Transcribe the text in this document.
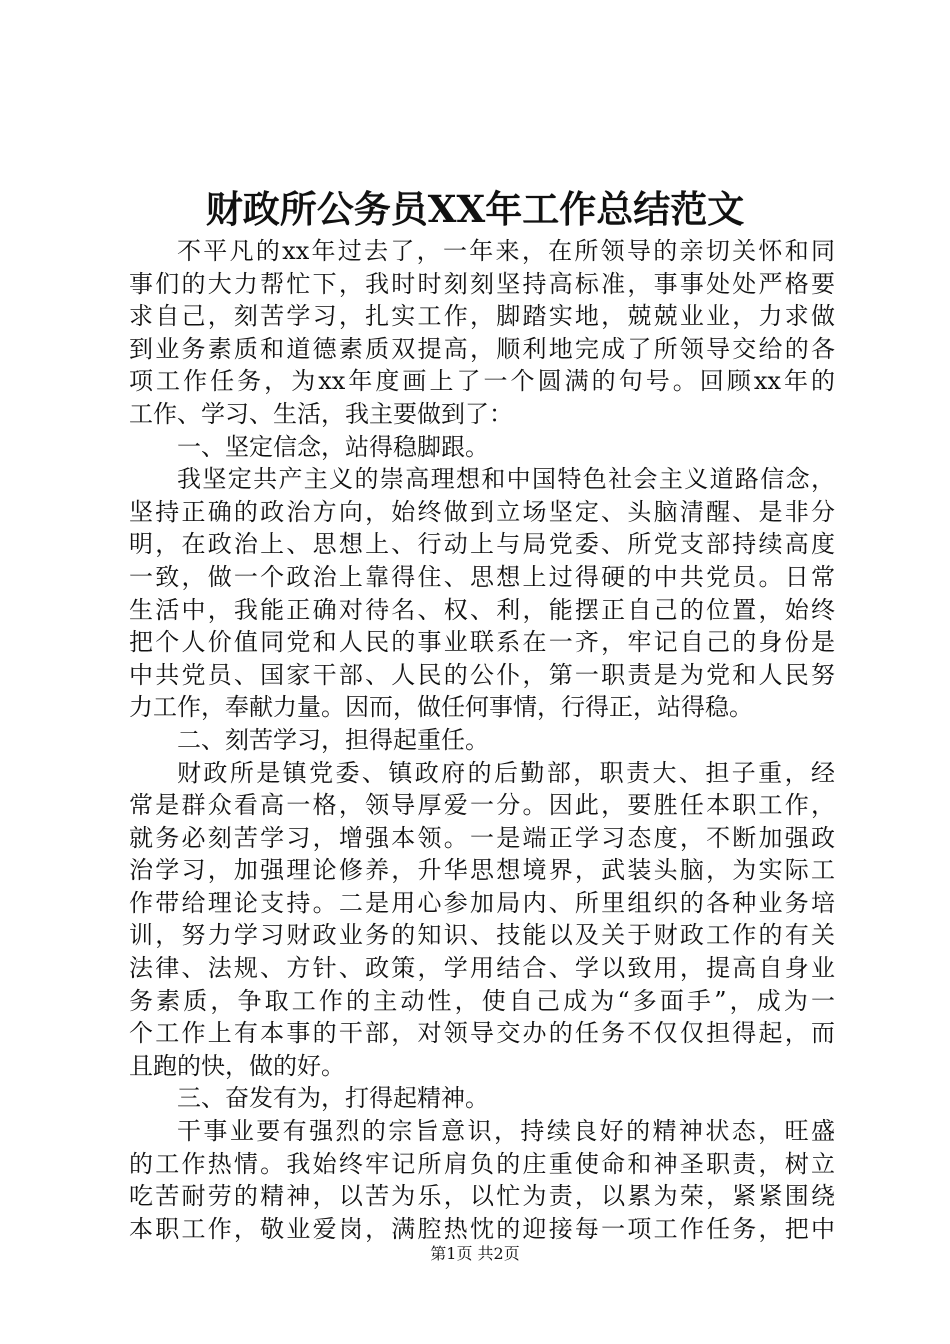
财政所公务员XX年工作总结范文

不平凡的xx年过去了，一年来，在所领导的亲切关怀和同

事们的大力帮忙下，我时时刻刻坚持高标准，事事处处严格要

求自己，刻苦学习，扎实工作，脚踏实地，兢兢业业，力求做

到业务素质和道德素质双提高，顺利地完成了所领导交给的各

项工作任务，为xx年度画上了一个圆满的句号。回顾xx年的

工作、学习、生活，我主要做到了：

一、坚定信念，站得稳脚跟。

我坚定共产主义的崇高理想和中国特色社会主义道路信念，

坚持正确的政治方向，始终做到立场坚定、头脑清醒、是非分

明，在政治上、思想上、行动上与局党委、所党支部持续高度

一致，做一个政治上靠得住、思想上过得硬的中共党员。日常

生活中，我能正确对待名、权、利，能摆正自己的位置，始终

把个人价值同党和人民的事业联系在一齐，牢记自己的身份是

中共党员、国家干部、人民的公仆，第一职责是为党和人民努

力工作，奉献力量。因而，做任何事情，行得正，站得稳。

二、刻苦学习，担得起重任。

财政所是镇党委、镇政府的后勤部，职责大、担子重，经

常是群众看高一格，领导厚爱一分。因此，要胜任本职工作，

就务必刻苦学习，增强本领。一是端正学习态度，不断加强政

治学习，加强理论修养，升华思想境界，武装头脑，为实际工

作带给理论支持。二是用心参加局内、所里组织的各种业务培

训，努力学习财政业务的知识、技能以及关于财政工作的有关

法律、法规、方针、政策，学用结合、学以致用，提高自身业

务素质，争取工作的主动性，使自己成为“多面手”，成为一

个工作上有本事的干部，对领导交办的任务不仅仅担得起，而

且跑的快，做的好。

三、奋发有为，打得起精神。

干事业要有强烈的宗旨意识，持续良好的精神状态，旺盛

的工作热情。我始终牢记所肩负的庄重使命和神圣职责，树立

吃苦耐劳的精神，以苦为乐，以忙为责，以累为荣，紧紧围绕

本职工作，敬业爱岗，满腔热忱的迎接每一项工作任务，把中

第1页 共2页
